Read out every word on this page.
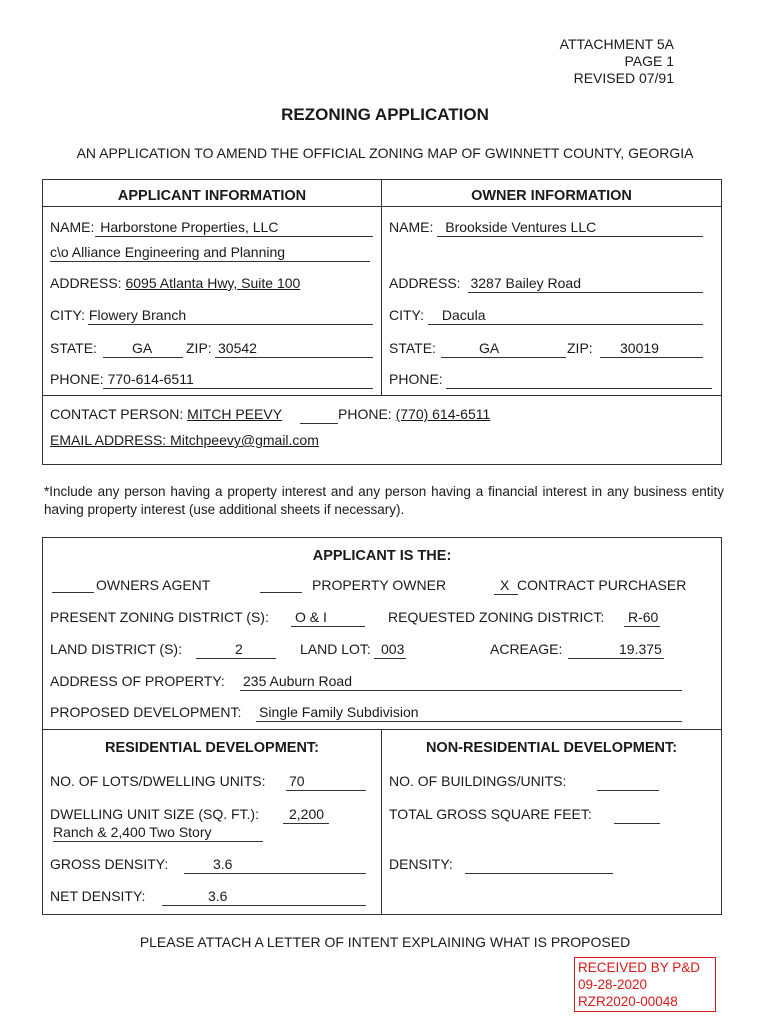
ATTACHMENT 5A
PAGE 1
REVISED 07/91
REZONING APPLICATION
AN APPLICATION TO AMEND THE OFFICIAL ZONING MAP OF GWINNETT COUNTY, GEORGIA
APPLICANT INFORMATION	OWNER INFORMATION
NAME: Harborstone Properties, LLC
c\o Alliance Engineering and Planning
ADDRESS: 6095 Atlanta Hwy, Suite 100
CITY: Flowery Branch
STATE:	GA ZIP: 30542
PHONE: 770-614-6511
NAME: Brookside Ventures LLC
ADDRESS: 3287 Bailey Road
CITY: Dacula
STATE:	GA	ZIP: 30019
PHONE:
CONTACT PERSON: MITCH PEEVY	PHONE: (770) 614-6511
EMAIL ADDRESS: Mitchpeevy@gmail.com
*Include any person having a property interest and any person having a financial interest in any business entity having property interest (use additional sheets if necessary).
APPLICANT IS THE:
OWNERS AGENT	PROPERTY OWNER	X CONTRACT PURCHASER
PRESENT ZONING DISTRICT (S): O & I	REQUESTED ZONING DISTRICT: R-60
LAND DISTRICT (S):	2	LAND LOT: 003	ACREAGE:	19.375
ADDRESS OF PROPERTY: 235 Auburn Road
PROPOSED DEVELOPMENT: Single Family Subdivision
RESIDENTIAL DEVELOPMENT:
NO. OF LOTS/DWELLING UNITS: 70
DWELLING UNIT SIZE (SQ. FT.): 2,200
Ranch & 2,400 Two Story
GROSS DENSITY:	3.6
NET DENSITY:	3.6
NON-RESIDENTIAL DEVELOPMENT:
NO. OF BUILDINGS/UNITS:
TOTAL GROSS SQUARE FEET:
DENSITY:
PLEASE ATTACH A LETTER OF INTENT EXPLAINING WHAT IS PROPOSED
RECEIVED BY P&D
09-28-2020
RZR2020-00048
